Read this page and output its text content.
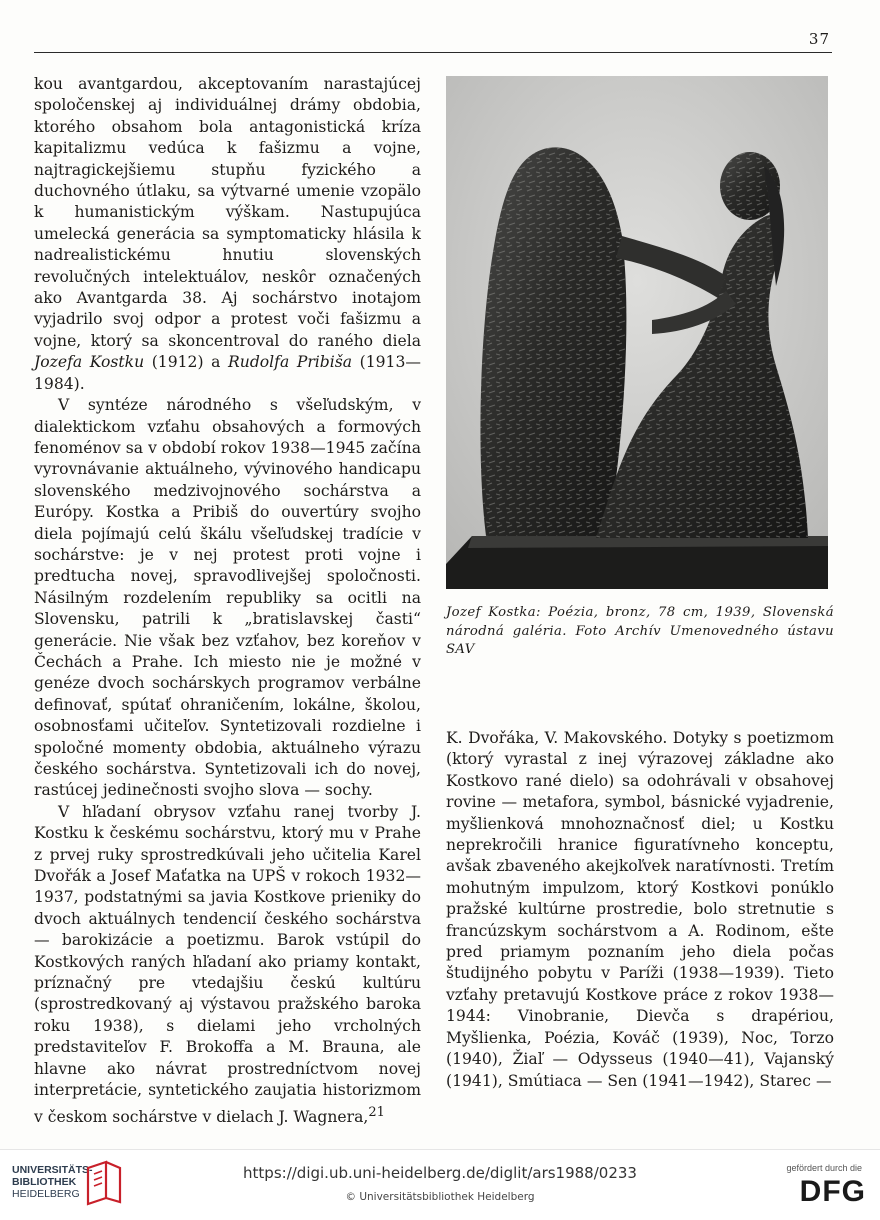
37

kou avantgardou, akceptovaním narastajúcej spoločenskej aj individuálnej drámy obdobia, ktorého obsahom bola antagonistická kríza kapitalizmu vedúca k fašizmu a vojne, najtragickejšiemu stupňu fyzického a duchovného útlaku, sa výtvarné umenie vzopälo k humanistickým výškam. Nastupujúca umelecká generácia sa symptomaticky hlásila k nadrealistickému hnutiu slovenských revolučných intelektuálov, neskôr označených ako Avantgarda 38. Aj sochárstvo inotajom vyjadrilo svoj odpor a protest voči fašizmu a vojne, ktorý sa skoncentroval do raného diela Jozefa Kostku (1912) a Rudolfa Pribiša (1913—1984).

V syntéze národného s všeľudským, v dialektickom vzťahu obsahových a formových fenoménov sa v období rokov 1938—1945 začína vyrovnávanie aktuálneho, vývinového handicapu slovenského medzivojnového sochárstva a Európy. Kostka a Pribiš do ouvertúry svojho diela pojímajú celú škálu všeľudskej tradície v sochárstve: je v nej protest proti vojne i predtucha novej, spravodlivejšej spoločnosti. Násilným rozdelením republiky sa ocitli na Slovensku, patrili k „bratislavskej časti“ generácie. Nie však bez vzťahov, bez koreňov v Čechách a Prahe. Ich miesto nie je možné v genéze dvoch sochárskych programov verbálne definovať, spútať ohraničením, lokálne, školou, osobnosťami učiteľov. Syntetizovali rozdielne i spoločné momenty obdobia, aktuálneho výrazu českého sochárstva. Syntetizovali ich do novej, rastúcej jedinečnosti svojho slova — sochy.

V hľadaní obrysov vzťahu ranej tvorby J. Kostku k českému sochárstvu, ktorý mu v Prahe z prvej ruky sprostredkúvali jeho učitelia Karel Dvořák a Josef Maťatka na UPŠ v rokoch 1932—1937, podstatnými sa javia Kostkove prieniky do dvoch aktuálnych tendencií českého sochárstva — barokizácie a poetizmu. Barok vstúpil do Kostkových raných hľadaní ako priamy kontakt, príznačný pre vtedajšiu českú kultúru (sprostredkovaný aj výstavou pražského baroka roku 1938), s dielami jeho vrcholných predstaviteľov F. Brokoffa a M. Brauna, ale hlavne ako návrat prostredníctvom novej interpretácie, syntetického zaujatia historizmom v českom sochárstve v dielach J. Wagnera,$^{21}$

Jozef Kostka: Poézia, bronz, 78 cm, 1939, Slovenská národná galéria. Foto Archív Umenovedného ústavu SAV

K. Dvořáka, V. Makovského. Dotyky s poetizmom (ktorý vyrastal z inej výrazovej základne ako Kostkovo rané dielo) sa odohrávali v obsahovej rovine — metafora, symbol, básnické vyjadrenie, myšlienková mnohoznačnosť diel; u Kostku neprekročili hranice figuratívneho konceptu, avšak zbaveného akejkoľvek naratívnosti. Tretím mohutným impulzom, ktorý Kostkovi ponúklo pražské kultúrne prostredie, bolo stretnutie s francúzskym sochárstvom a A. Rodinom, ešte pred priamym poznaním jeho diela počas študijného pobytu v Paríži (1938—1939). Tieto vzťahy pretavujú Kostkove práce z rokov 1938—1944: Vinobranie, Dievča s drapériou, Myšlienka, Poézia, Kováč (1939), Noc, Torzo (1940), Žiaľ — Odysseus (1940—41), Vajanský (1941), Smútiaca — Sen (1941—1942), Starec —

UNIVERSITÄTS-
BIBLIOTHEK
HEIDELBERG
https://digi.ub.uni-heidelberg.de/diglit/ars1988/0233
© Universitätsbibliothek Heidelberg
gefördert durch die
DFG
